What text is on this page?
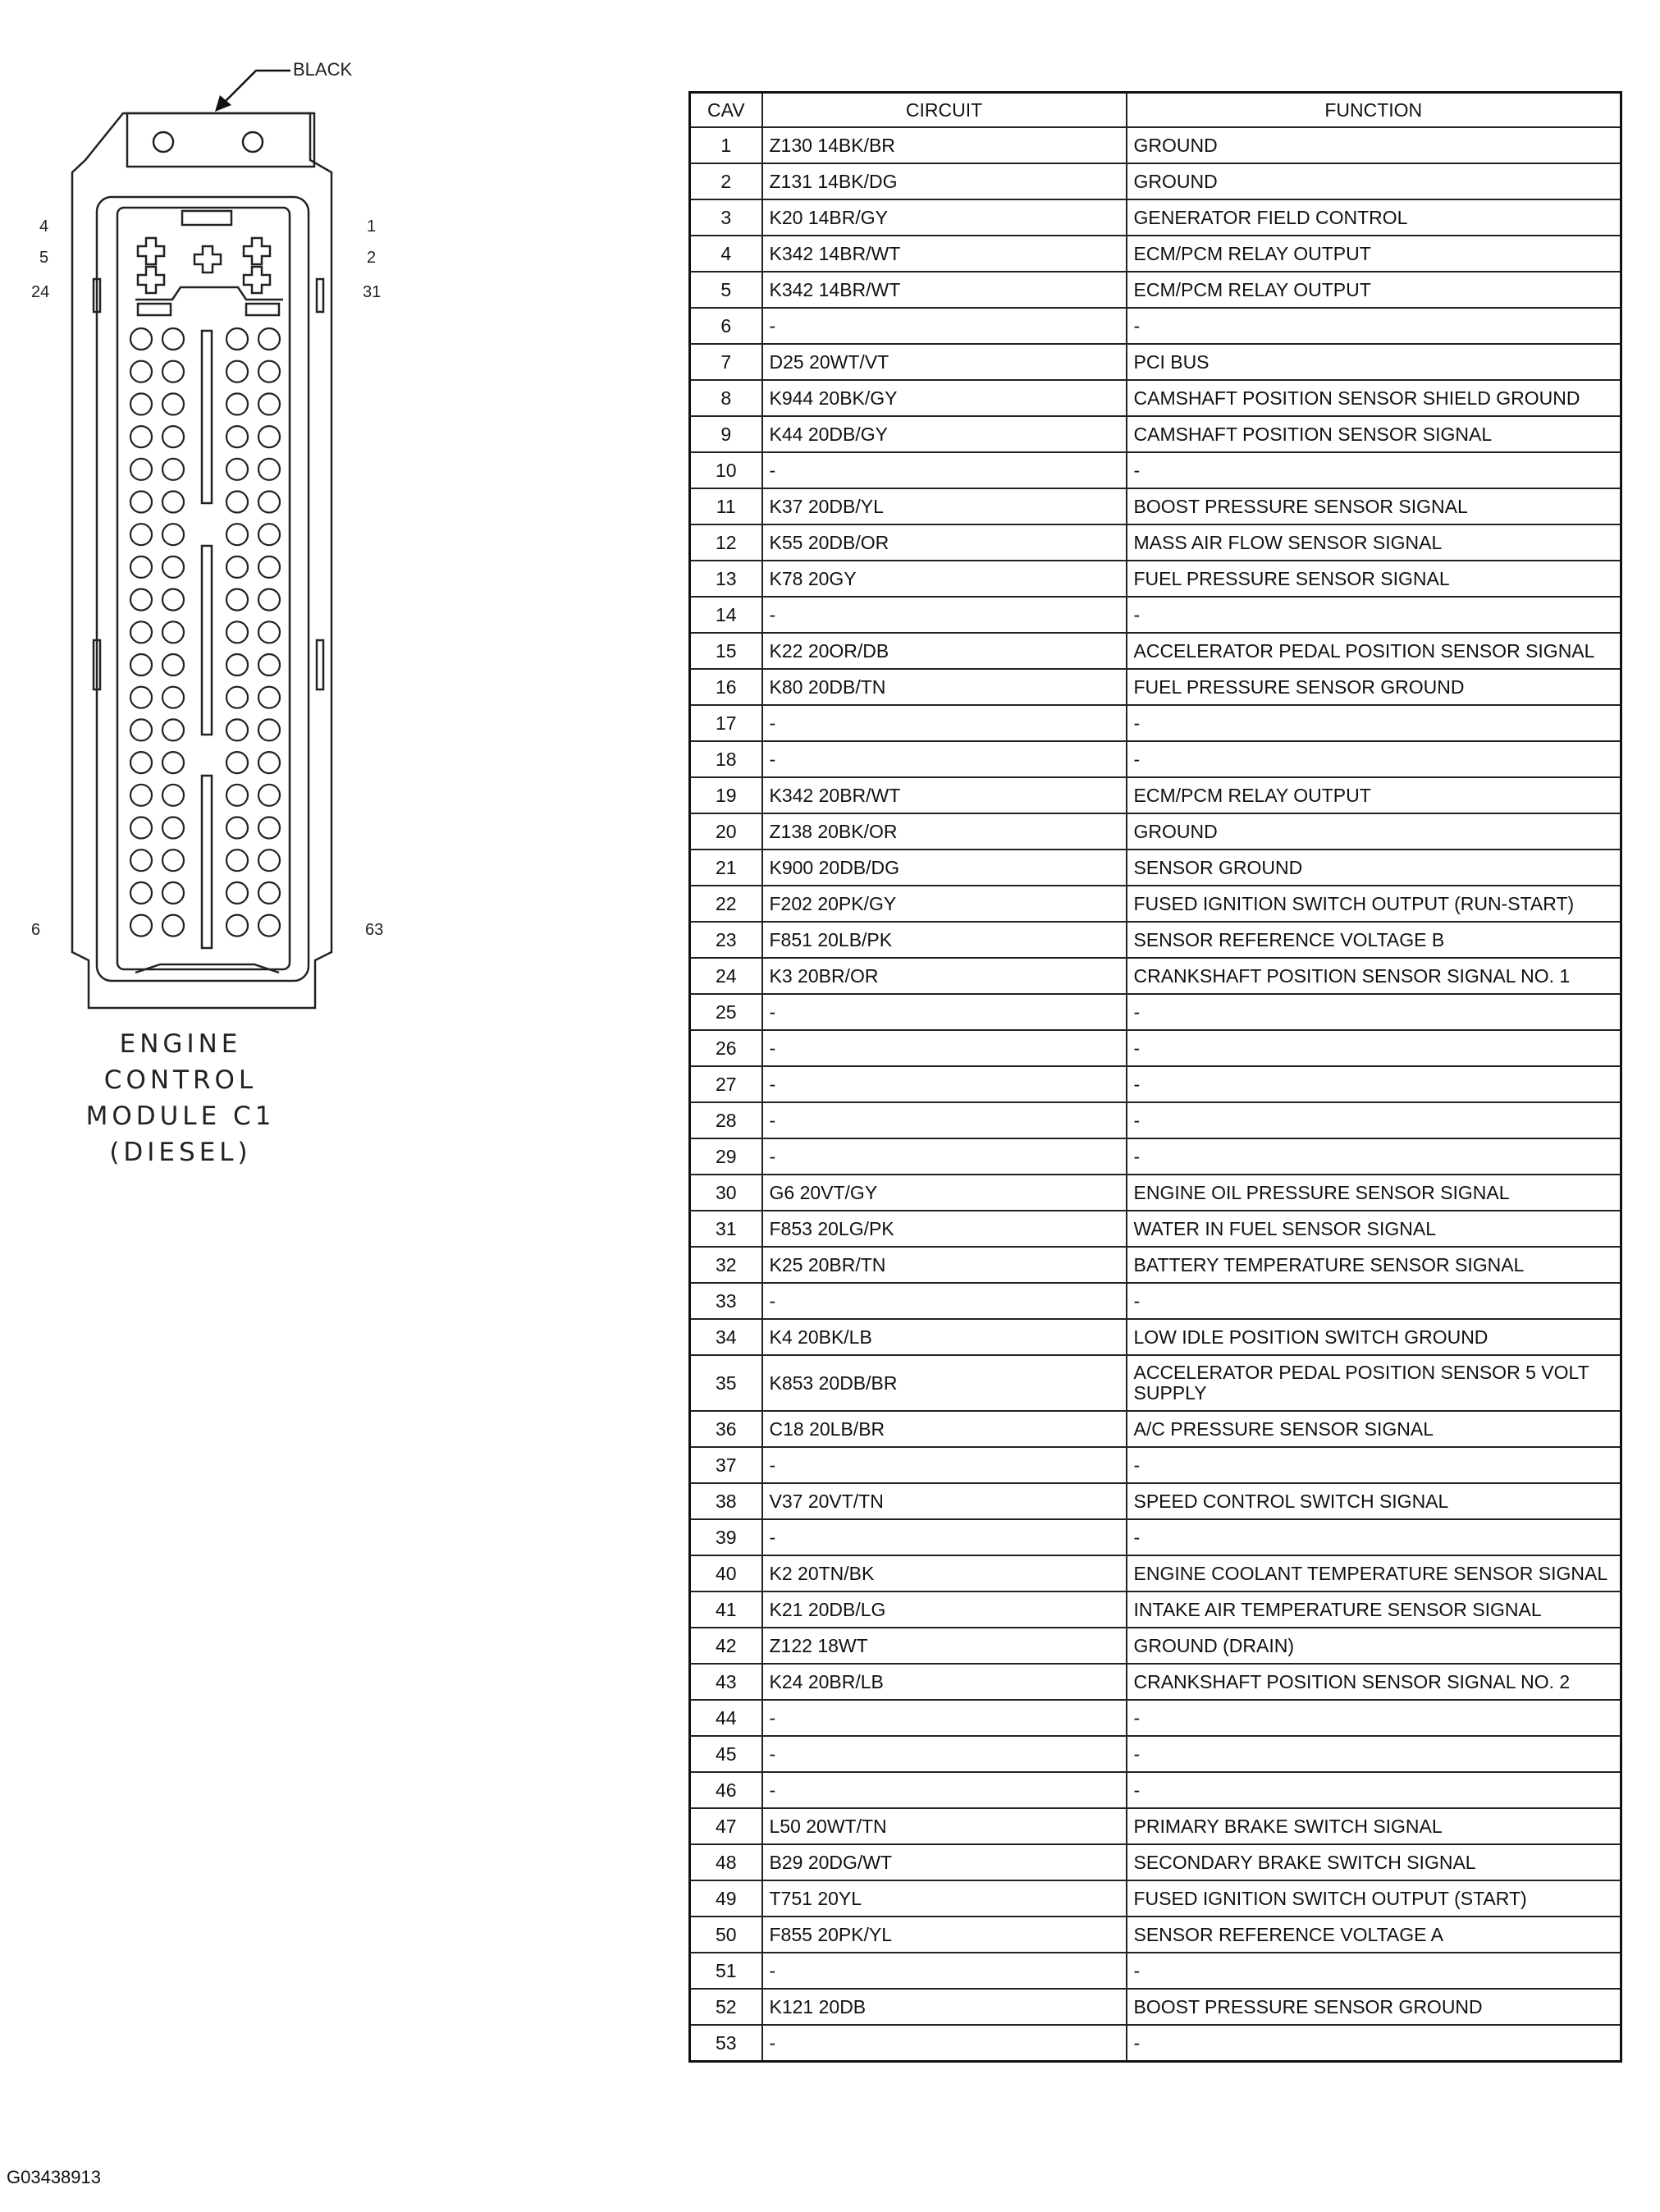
BLACK
4
5
24
6
1
2
31
63
ENGINE
CONTROL
MODULE C1
(DIESEL)
CAV	CIRCUIT	FUNCTION
1	Z130 14BK/BR	GROUND
2	Z131 14BK/DG	GROUND
3	K20 14BR/GY	GENERATOR FIELD CONTROL
4	K342 14BR/WT	ECM/PCM RELAY OUTPUT
5	K342 14BR/WT	ECM/PCM RELAY OUTPUT
6	-	-
7	D25 20WT/VT	PCI BUS
8	K944 20BK/GY	CAMSHAFT POSITION SENSOR SHIELD GROUND
9	K44 20DB/GY	CAMSHAFT POSITION SENSOR SIGNAL
10	-	-
11	K37 20DB/YL	BOOST PRESSURE SENSOR SIGNAL
12	K55 20DB/OR	MASS AIR FLOW SENSOR SIGNAL
13	K78 20GY	FUEL PRESSURE SENSOR SIGNAL
14	-	-
15	K22 20OR/DB	ACCELERATOR PEDAL POSITION SENSOR SIGNAL
16	K80 20DB/TN	FUEL PRESSURE SENSOR GROUND
17	-	-
18	-	-
19	K342 20BR/WT	ECM/PCM RELAY OUTPUT
20	Z138 20BK/OR	GROUND
21	K900 20DB/DG	SENSOR GROUND
22	F202 20PK/GY	FUSED IGNITION SWITCH OUTPUT (RUN-START)
23	F851 20LB/PK	SENSOR REFERENCE VOLTAGE B
24	K3 20BR/OR	CRANKSHAFT POSITION SENSOR SIGNAL NO. 1
25	-	-
26	-	-
27	-	-
28	-	-
29	-	-
30	G6 20VT/GY	ENGINE OIL PRESSURE SENSOR SIGNAL
31	F853 20LG/PK	WATER IN FUEL SENSOR SIGNAL
32	K25 20BR/TN	BATTERY TEMPERATURE SENSOR SIGNAL
33	-	-
34	K4 20BK/LB	LOW IDLE POSITION SWITCH GROUND
35	K853 20DB/BR	ACCELERATOR PEDAL POSITION SENSOR 5 VOLT SUPPLY
36	C18 20LB/BR	A/C PRESSURE SENSOR SIGNAL
37	-	-
38	V37 20VT/TN	SPEED CONTROL SWITCH SIGNAL
39	-	-
40	K2 20TN/BK	ENGINE COOLANT TEMPERATURE SENSOR SIGNAL
41	K21 20DB/LG	INTAKE AIR TEMPERATURE SENSOR SIGNAL
42	Z122 18WT	GROUND (DRAIN)
43	K24 20BR/LB	CRANKSHAFT POSITION SENSOR SIGNAL NO. 2
44	-	-
45	-	-
46	-	-
47	L50 20WT/TN	PRIMARY BRAKE SWITCH SIGNAL
48	B29 20DG/WT	SECONDARY BRAKE SWITCH SIGNAL
49	T751 20YL	FUSED IGNITION SWITCH OUTPUT (START)
50	F855 20PK/YL	SENSOR REFERENCE VOLTAGE A
51	-	-
52	K121 20DB	BOOST PRESSURE SENSOR GROUND
53	-	-
G03438913
